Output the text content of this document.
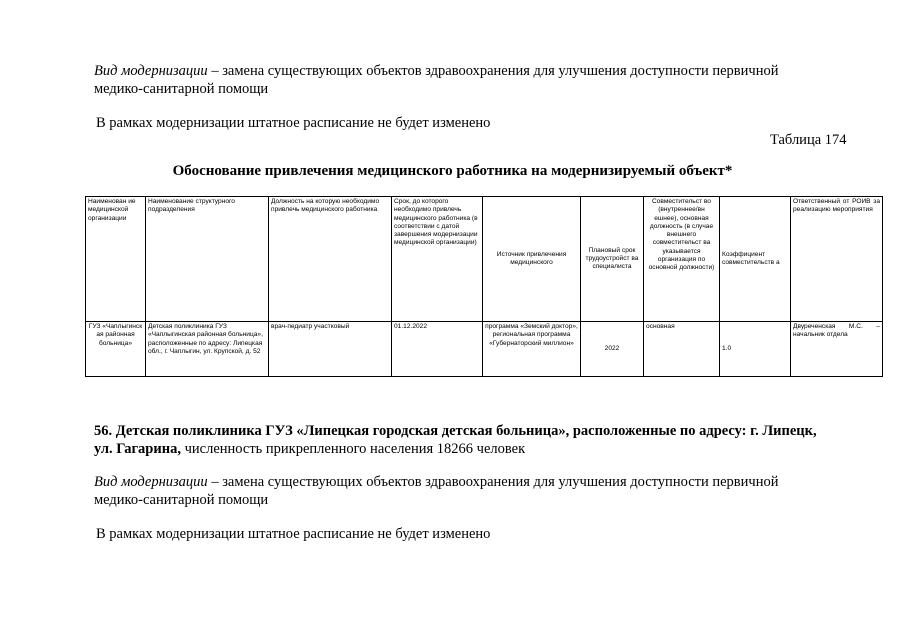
Вид модернизации – замена существующих объектов здравоохранения для улучшения доступности первичной
медико-санитарной помощи
В рамках модернизации штатное расписание не будет изменено
Таблица 174
Обоснование привлечения медицинского работника на модернизируемый объект*
Наименован ие медицинской организации	Наименование структурного подразделения	Должность на которую необходимо привлечь медицинского работника	Срок, до которого необходимо привлечь медицинского работника (в соответствии с датой завершения модернизации медицинской организации)	Источник привлечения медицинского	Плановый срок трудоустройст ва специалиста	Совместительст во (внутреннее/вн ешнее), основная должность (в случае внешнего совместительст ва указывается организация по основной должности)	Коэффициент совместительств а	Ответственный от РОИВ за реализацию мероприятия
ГУЗ «Чаплыгинск ая районная больница»	Детская поликлиника ГУЗ «Чаплыгинская районная больница», расположенные по адресу: Липецкая обл., г. Чаплыгин, ул. Крупской, д. 52	врач-педиатр участковый	01.12.2022	программа «Земский доктор», региональная программа «Губернаторский миллион»	2022	основная	1.0	Двуреченская М.С. – начальник отдела
56. Детская поликлиника ГУЗ «Липецкая городская детская больница», расположенные по адресу: г. Липецк,
ул. Гагарина, численность прикрепленного населения 18266 человек
Вид модернизации – замена существующих объектов здравоохранения для улучшения доступности первичной
медико-санитарной помощи
В рамках модернизации штатное расписание не будет изменено
